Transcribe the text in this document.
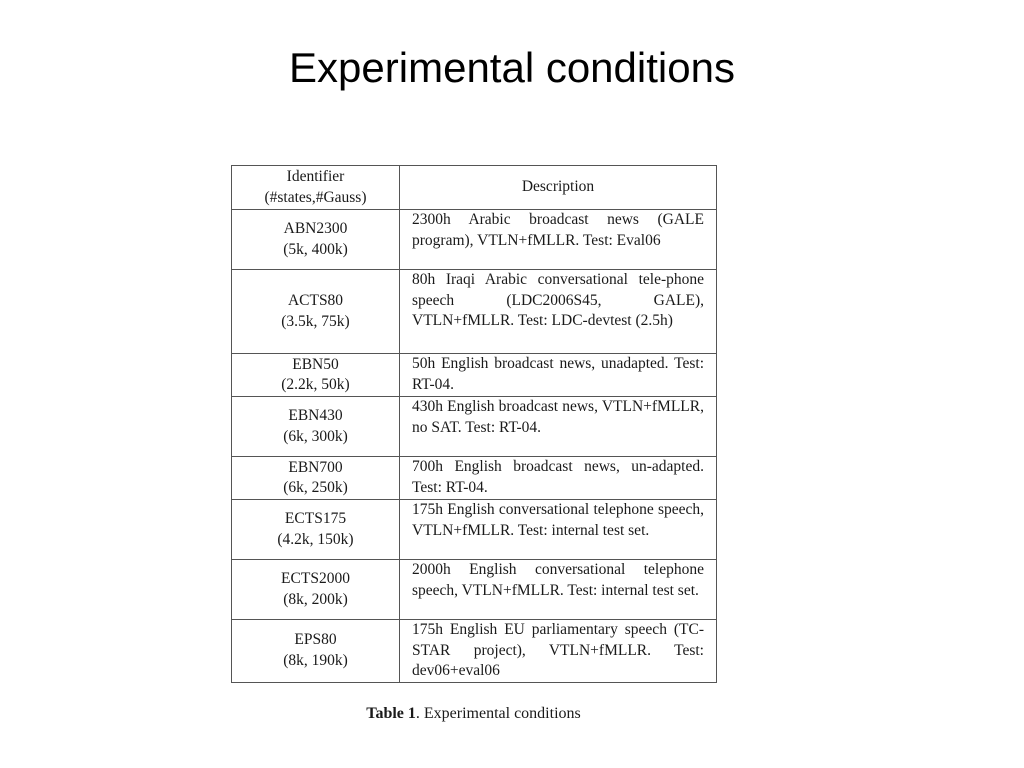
Experimental conditions
Identifier
(#states,#Gauss)	Description

ABN2300
(5k, 400k)	2300h Arabic broadcast news (GALE program), VTLN+fMLLR. Test: Eval06

ACTS80
(3.5k, 75k)	80h Iraqi Arabic conversational tele-phone speech (LDC2006S45, GALE), VTLN+fMLLR. Test: LDC-devtest (2.5h)

EBN50
(2.2k, 50k)	50h English broadcast news, unadapted. Test: RT-04.

EBN430
(6k, 300k)	430h English broadcast news, VTLN+fMLLR, no SAT. Test: RT-04.

EBN700
(6k, 250k)	700h English broadcast news, un-adapted. Test: RT-04.

ECTS175
(4.2k, 150k)	175h English conversational telephone speech, VTLN+fMLLR. Test: internal test set.

ECTS2000
(8k, 200k)	2000h English conversational telephone speech, VTLN+fMLLR. Test: internal test set.

EPS80
(8k, 190k)	175h English EU parliamentary speech (TC-STAR project), VTLN+fMLLR. Test: dev06+eval06
Table 1. Experimental conditions
